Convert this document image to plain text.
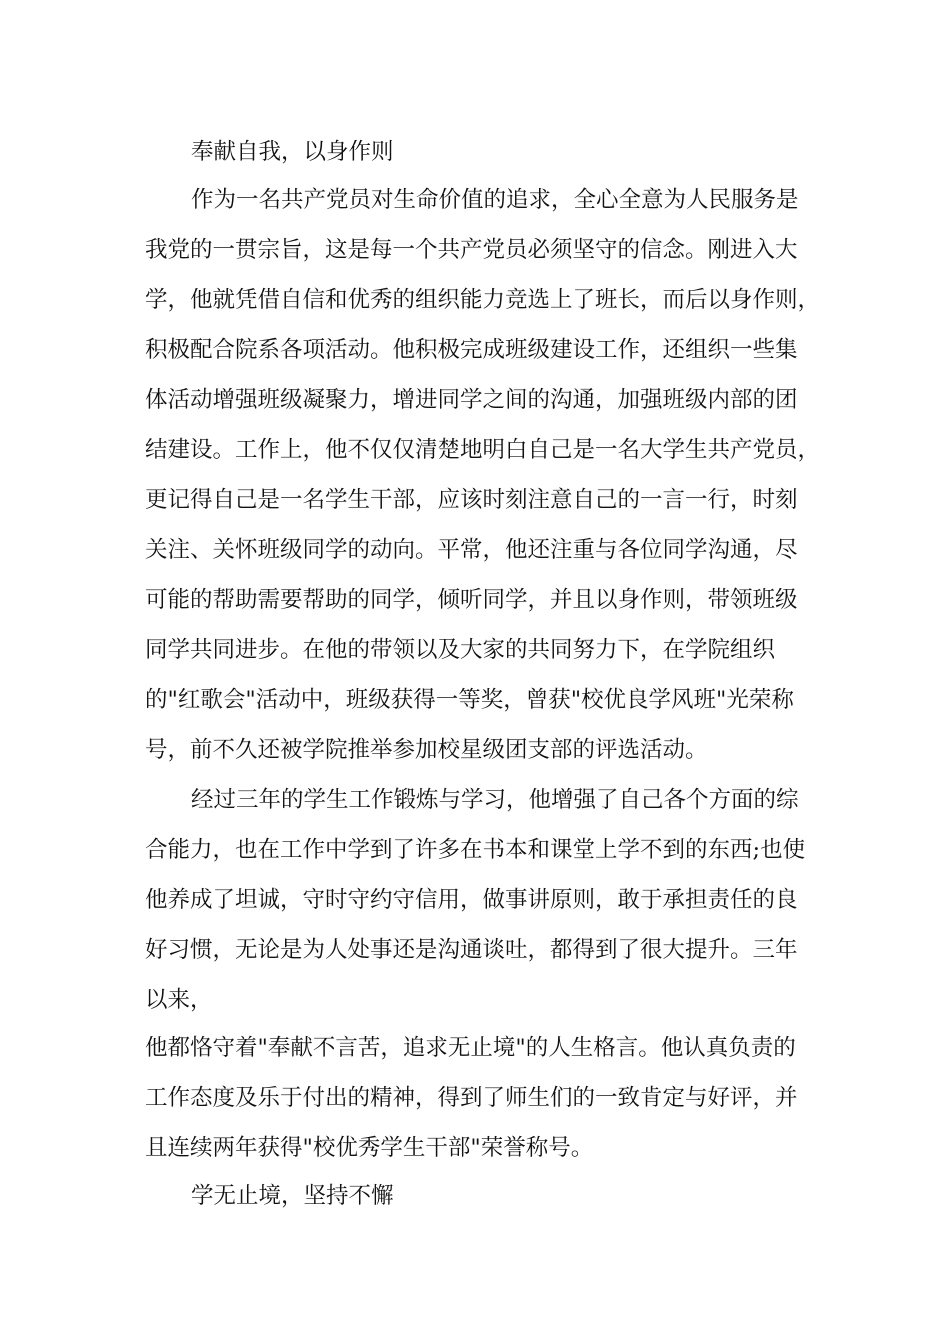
奉献自我，以身作则
作为一名共产党员对生命价值的追求，全心全意为人民服务是
我党的一贯宗旨，这是每一个共产党员必须坚守的信念。刚进入大
学，他就凭借自信和优秀的组织能力竞选上了班长，而后以身作则，
积极配合院系各项活动。他积极完成班级建设工作，还组织一些集
体活动增强班级凝聚力，增进同学之间的沟通，加强班级内部的团
结建设。工作上，他不仅仅清楚地明白自己是一名大学生共产党员，
更记得自己是一名学生干部，应该时刻注意自己的一言一行，时刻
关注、关怀班级同学的动向。平常，他还注重与各位同学沟通，尽
可能的帮助需要帮助的同学，倾听同学，并且以身作则，带领班级
同学共同进步。在他的带领以及大家的共同努力下，在学院组织
的"红歌会"活动中，班级获得一等奖，曾获"校优良学风班"光荣称
号，前不久还被学院推举参加校星级团支部的评选活动。
经过三年的学生工作锻炼与学习，他增强了自己各个方面的综
合能力，也在工作中学到了许多在书本和课堂上学不到的东西;也使
他养成了坦诚，守时守约守信用，做事讲原则，敢于承担责任的良
好习惯，无论是为人处事还是沟通谈吐，都得到了很大提升。三年
以来，
他都恪守着"奉献不言苦，追求无止境"的人生格言。他认真负责的
工作态度及乐于付出的精神，得到了师生们的一致肯定与好评，并
且连续两年获得"校优秀学生干部"荣誉称号。
学无止境，坚持不懈
